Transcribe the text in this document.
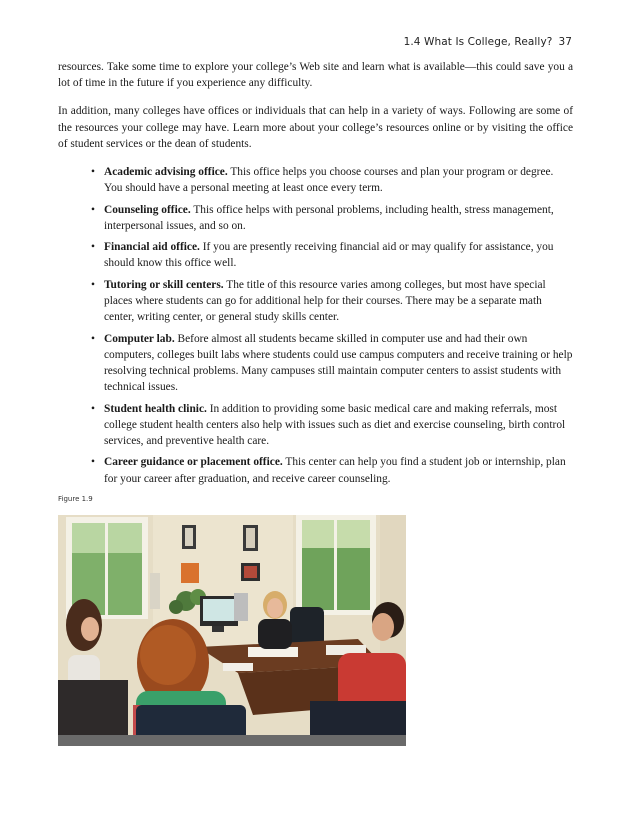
1.4 What Is College, Really? 37

resources. Take some time to explore your college’s Web site and learn what is available—this could save you a lot of time in the future if you experience any difficulty.

In addition, many colleges have offices or individuals that can help in a variety of ways. Following are some of the resources your college may have. Learn more about your college’s resources online or by visiting the office of student services or the dean of students.

• Academic advising office. This office helps you choose courses and plan your program or degree. You should have a personal meeting at least once every term.
• Counseling office. This office helps with personal problems, including health, stress management, interpersonal issues, and so on.
• Financial aid office. If you are presently receiving financial aid or may qualify for assistance, you should know this office well.
• Tutoring or skill centers. The title of this resource varies among colleges, but most have special places where students can go for additional help for their courses. There may be a separate math center, writing center, or general study skills center.
• Computer lab. Before almost all students became skilled in computer use and had their own computers, colleges built labs where students could use campus computers and receive training or help resolving technical problems. Many campuses still maintain computer centers to assist students with technical issues.
• Student health clinic. In addition to providing some basic medical care and making referrals, most college student health centers also help with issues such as diet and exercise counseling, birth control services, and preventive health care.
• Career guidance or placement office. This center can help you find a student job or internship, plan for your career after graduation, and receive career counseling.
Figure 1.9
